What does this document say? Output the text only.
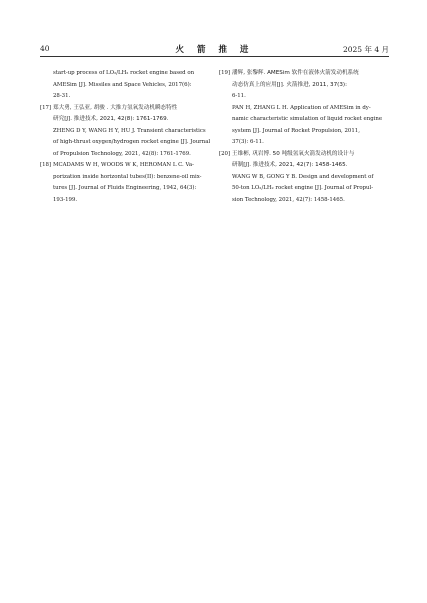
40	火 箭 推 进	2025 年 4 月
start-up process of LO₂/LH₂ rocket engine based on
AMESim [J]. Missiles and Space Vehicles, 2017(6):
28-31.
[17] 郑大勇, 王弘亚, 胡骏 . 大推力氢氧发动机瞬态特性
研究[J]. 推进技术, 2021, 42(8): 1761-1769.
ZHENG D Y, WANG H Y, HU J. Transient characteristics
of high-thrust oxygen/hydrogen rocket engine [J]. Journal
of Propulsion Technology, 2021, 42(8): 1761-1769.
[18] MCADAMS W H, WOODS W K, HEROMAN L C. Va-
porization inside horizontal tubes(II): benzene-oil mix-
tures [J]. Journal of Fluids Engineering, 1942, 64(3):
193-199.
[19] 潘辉, 张黎辉. AMESim 软件在液体火箭发动机系统
动态仿真上的应用[J]. 火箭推进, 2011, 37(3):
6-11.
PAN H, ZHANG L H. Application of AMESim in dy-
namic characteristic simulation of liquid rocket engine
system [J]. Journal of Rocket Propulsion, 2011,
37(3): 6-11.
[20] 王维彬, 巩岩博. 50 吨级氢氧火箭发动机的设计与
研制[J]. 推进技术, 2021, 42(7): 1458-1465.
WANG W B, GONG Y B. Design and development of
50-ton LO₂/LH₂ rocket engine [J]. Journal of Propul-
sion Technology, 2021, 42(7): 1458-1465.
